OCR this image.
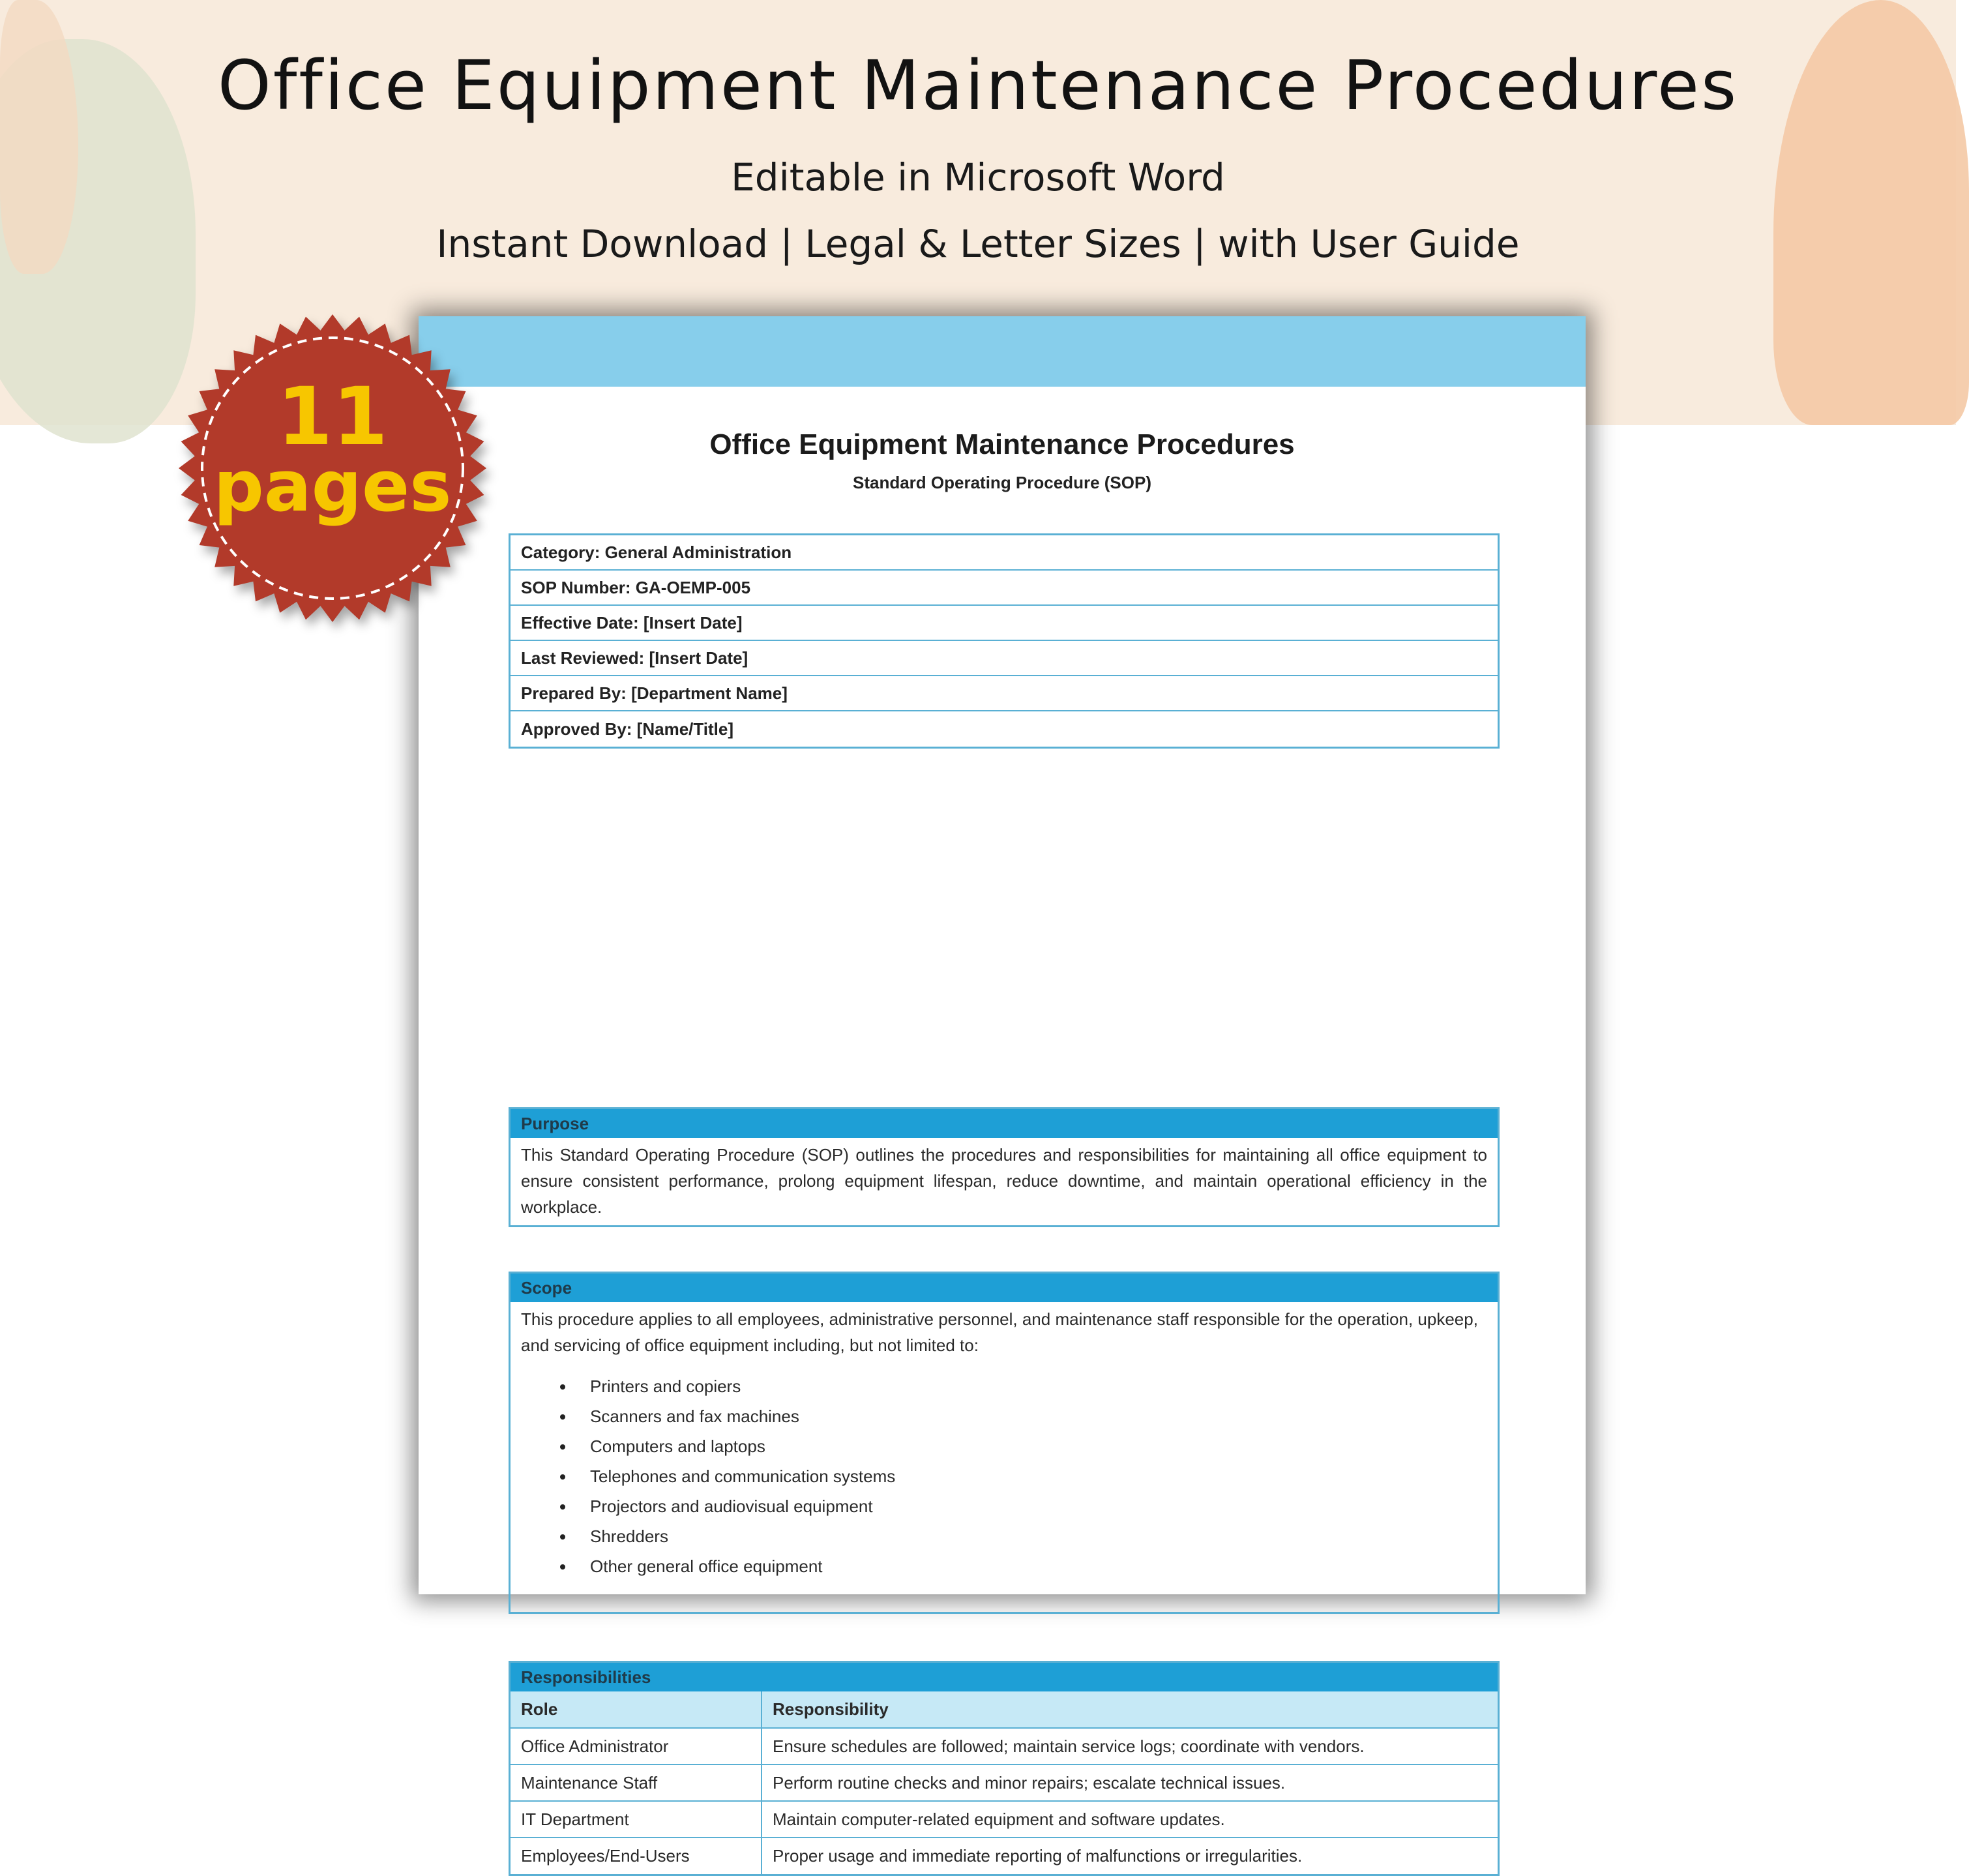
Office Equipment Maintenance Procedures
Editable in Microsoft Word
Instant Download | Legal & Letter Sizes | with User Guide
Office Equipment Maintenance Procedures
Standard Operating Procedure (SOP)
Category: General Administration
SOP Number: GA-OEMP-005
Effective Date: [Insert Date]
Last Reviewed: [Insert Date]
Prepared By: [Department Name]
Approved By: [Name/Title]
Purpose
This Standard Operating Procedure (SOP) outlines the procedures and responsibilities for maintaining all office equipment to ensure consistent performance, prolong equipment lifespan, reduce downtime, and maintain operational efficiency in the workplace.
Scope
This procedure applies to all employees, administrative personnel, and maintenance staff responsible for the operation, upkeep, and servicing of office equipment including, but not limited to:
Printers and copiers
Scanners and fax machines
Computers and laptops
Telephones and communication systems
Projectors and audiovisual equipment
Shredders
Other general office equipment
Responsibilities
Role	Responsibility
Office Administrator	Ensure schedules are followed; maintain service logs; coordinate with vendors.
Maintenance Staff	Perform routine checks and minor repairs; escalate technical issues.
IT Department	Maintain computer-related equipment and software updates.
Employees/End-Users	Proper usage and immediate reporting of malfunctions or irregularities.
11
pages
